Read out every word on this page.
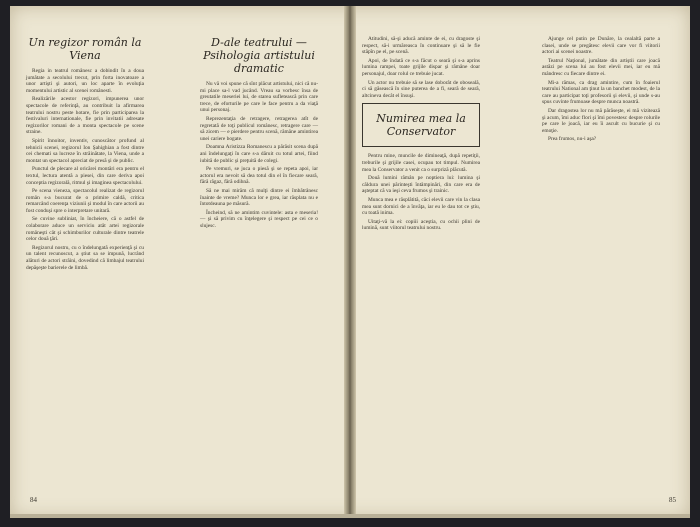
Un regizor român la Viena

Regia in teatrul românesc a dobindit în a doua jumătate a secolului trecut, prin forta inovatoare a unor artişti şi autori, un loc aparte în evoluţia momentului artistic al scenei românesti.

Realizările acestor regizori, impunerea unor spectacole de referinţă, au contribuit la afirmarea teatrului nostru peste hotare, fie prin participarea la festivaluri internationale, fie prin invitatii adresate regizorilor romani de a monta spectacole pe scene straine.

Spirit înnoitor, inventiv, cunoscător profund al tehnicii scenei, regizorul Ion Şahighian a fost dintre cei chemati sa lucreze în străinătate, la Viena, unde a montat un spectacol apreciat de presă şi de public.

Punctul de plecare al oricărei montări era pentru el textul, lectura atentă a piesei, din care deriva apoi conceptia regizorală, ritmul şi imaginea spectacolului.

Pe scena vieneza, spectacolul realizat de regizorul român s-a bucurat de o primire caldă, critica remarcând coerenţa viziunii şi modul în care actorii au fost conduşi spre o interpretare unitară.

Se cuvine subliniat, în încheiere, că o astfel de colaborare aduce un serviciu atât artei regizorale româneşti cât şi schimburilor culturale dintre teatrele celor două ţări.

Regizorul nostru, cu o îndelungată experienţă şi cu un talent recunoscut, a ştiut sa se impună, lucrând alături de actori străini, dovedind că limbajul teatrului depăşeşte barierele de limbă.

D-ale teatrului — Psihologia artistului dramatic

Nu vă voi spune că sînt plăcut artistului, nici că nu-mi place sa-l vad jucând. Vreau sa vorbesc însa de greutatile meseriei lui, de starea sufletească prin care trece, de eforturile pe care le face pentru a da viaţă unui personaj.

Reprezentaţia de retragere, retragerea atît de regretată de toţi publicul românesc, retragere care — să zicem — e pierdere pentru scenă, rămâne amintirea unei cariere bogate.

Doamna Aristizza Romanescu a părăsit scena după ani îndelungaţi în care s-a dăruit cu totul artei, fiind iubită de public şi preţuită de colegi.

Pe vremuri, se juca o piesă şi se repeta apoi, iar actorul era nevoit să dea totul din el în fiecare seară, fără răgaz, fără odihnă.

Să ne mai mirăm că mulţi dintre ei îmbătrânesc înainte de vreme? Munca lor e grea, iar răsplata nu e întotdeauna pe măsură.

Încheind, să ne amintim cuvintele: asta e meseria! — şi să privim cu înţelegere şi respect pe cei ce o slujesc.

84

Atitudini, să-şi aducă aminte de ei, cu dragoste şi respect, să-i urmăreasca în continuare şi să le fie stăpîn pe el, pe scenă.

Apoi, de îndată ce s-a făcut o seară şi s-a aprins lumina rampei, toate grijile dispar şi rămâne doar personajul, doar rolul ce trebuie jucat.

Un actor nu trebuie să se lase doborât de oboseală, ci să găsească în sine puterea de a fi, seară de seară, altcineva decât el însuşi.

Numirea mea la Conservator

Pentru mine, muncile de dimineaţă, după repetiţii, treburile şi grijile casei, ocupau tot timpul. Numirea mea la Conservator a venit ca o surpriză plăcută.

Două lumini rămân pe noptiera lui: lumina şi căldura unei părinteşti întâmpinări, din care era de aşteptat că va ieşi ceva frumos şi trainic.

Munca mea e răsplătită, căci elevii care vin la clasa mea sunt dornici de a învăţa, iar eu le dau tot ce ştiu, cu toată inima.

Uitaţi-vă la ei: copiii aceştia, cu ochii plini de lumină, sunt viitorul teatrului nostru.

Ajunge cel putin pe Dunăre, la cealaltă parte a clasei, unde se pregătesc elevii care vor fi viitorii actori ai scenei noastre.

Teatrul Naţional, jumătate din artiştii care joacă astăzi pe scena lui au fost elevii mei, iar eu mă mândresc cu fiecare dintre ei.

Mi-a rămas, ca drag amintire, cum în foaierul teatrului National am ţinut la un banchet modest, de la care au participat toţi profesorii şi elevii, şi unde s-au spus cuvinte frumoase despre munca noastră.

Dar dragostea lor nu mă părăseşte, ei mă vizitează şi acum, îmi aduc flori şi îmi povestesc despre rolurile pe care le joacă, iar eu îi ascult cu bucurie şi cu emoţie.

Prea frumos, nu-i aşa?

85
